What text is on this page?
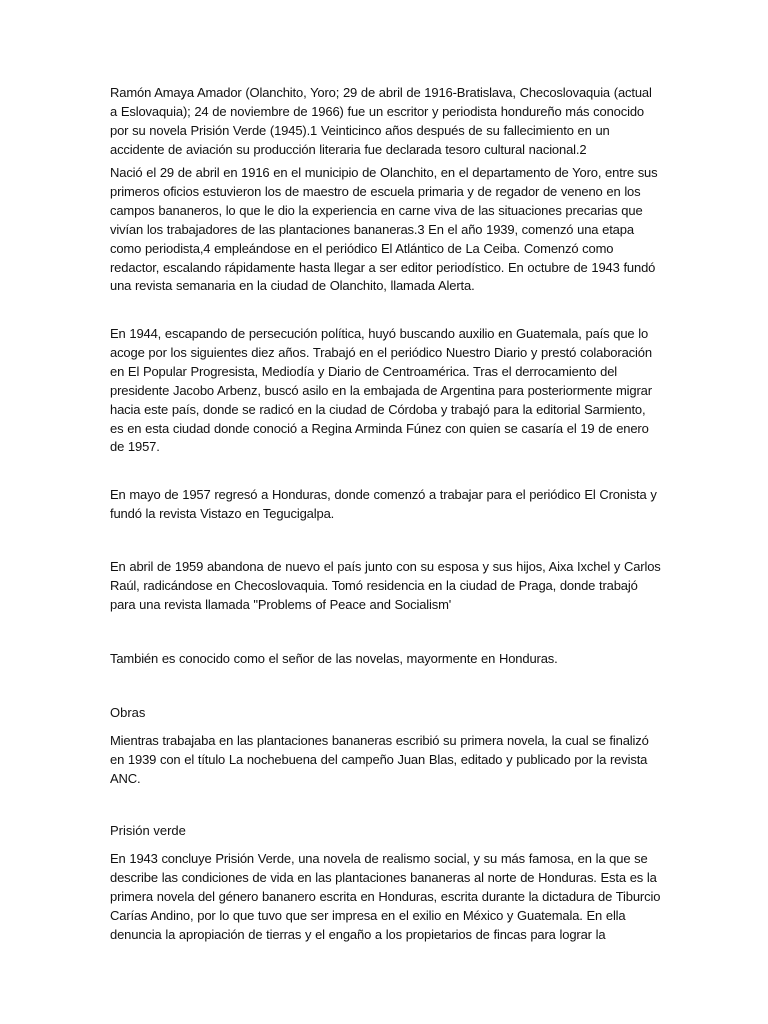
Ramón Amaya Amador (Olanchito, Yoro; 29 de abril de 1916-Bratislava, Checoslovaquia (actual a Eslovaquia); 24 de noviembre de 1966) fue un escritor y periodista hondureño más conocido por su novela Prisión Verde (1945).1 Veinticinco años después de su fallecimiento en un accidente de aviación su producción literaria fue declarada tesoro cultural nacional.2

Nació el 29 de abril en 1916 en el municipio de Olanchito, en el departamento de Yoro, entre sus primeros oficios estuvieron los de maestro de escuela primaria y de regador de veneno en los campos bananeros, lo que le dio la experiencia en carne viva de las situaciones precarias que vivían los trabajadores de las plantaciones bananeras.3 En el año 1939, comenzó una etapa como periodista,4 empleándose en el periódico El Atlántico de La Ceiba. Comenzó como redactor, escalando rápidamente hasta llegar a ser editor periodístico. En octubre de 1943 fundó una revista semanaria en la ciudad de Olanchito, llamada Alerta.

En 1944, escapando de persecución política, huyó buscando auxilio en Guatemala, país que lo acoge por los siguientes diez años. Trabajó en el periódico Nuestro Diario y prestó colaboración en El Popular Progresista, Mediodía y Diario de Centroamérica. Tras el derrocamiento del presidente Jacobo Arbenz, buscó asilo en la embajada de Argentina para posteriormente migrar hacia este país, donde se radicó en la ciudad de Córdoba y trabajó para la editorial Sarmiento, es en esta ciudad donde conoció a Regina Arminda Fúnez con quien se casaría el 19 de enero de 1957.

En mayo de 1957 regresó a Honduras, donde comenzó a trabajar para el periódico El Cronista y fundó la revista Vistazo en Tegucigalpa.

En abril de 1959 abandona de nuevo el país junto con su esposa y sus hijos, Aixa Ixchel y Carlos Raúl, radicándose en Checoslovaquia. Tomó residencia en la ciudad de Praga, donde trabajó para una revista llamada "Problems of Peace and Socialism'

También es conocido como el señor de las novelas, mayormente en Honduras.

Obras

Mientras trabajaba en las plantaciones bananeras escribió su primera novela, la cual se finalizó en 1939 con el título La nochebuena del campeño Juan Blas, editado y publicado por la revista ANC.

Prisión verde

En 1943 concluye Prisión Verde, una novela de realismo social, y su más famosa, en la que se describe las condiciones de vida en las plantaciones bananeras al norte de Honduras. Esta es la primera novela del género bananero escrita en Honduras, escrita durante la dictadura de Tiburcio Carías Andino, por lo que tuvo que ser impresa en el exilio en México y Guatemala. En ella denuncia la apropiación de tierras y el engaño a los propietarios de fincas para lograr la
